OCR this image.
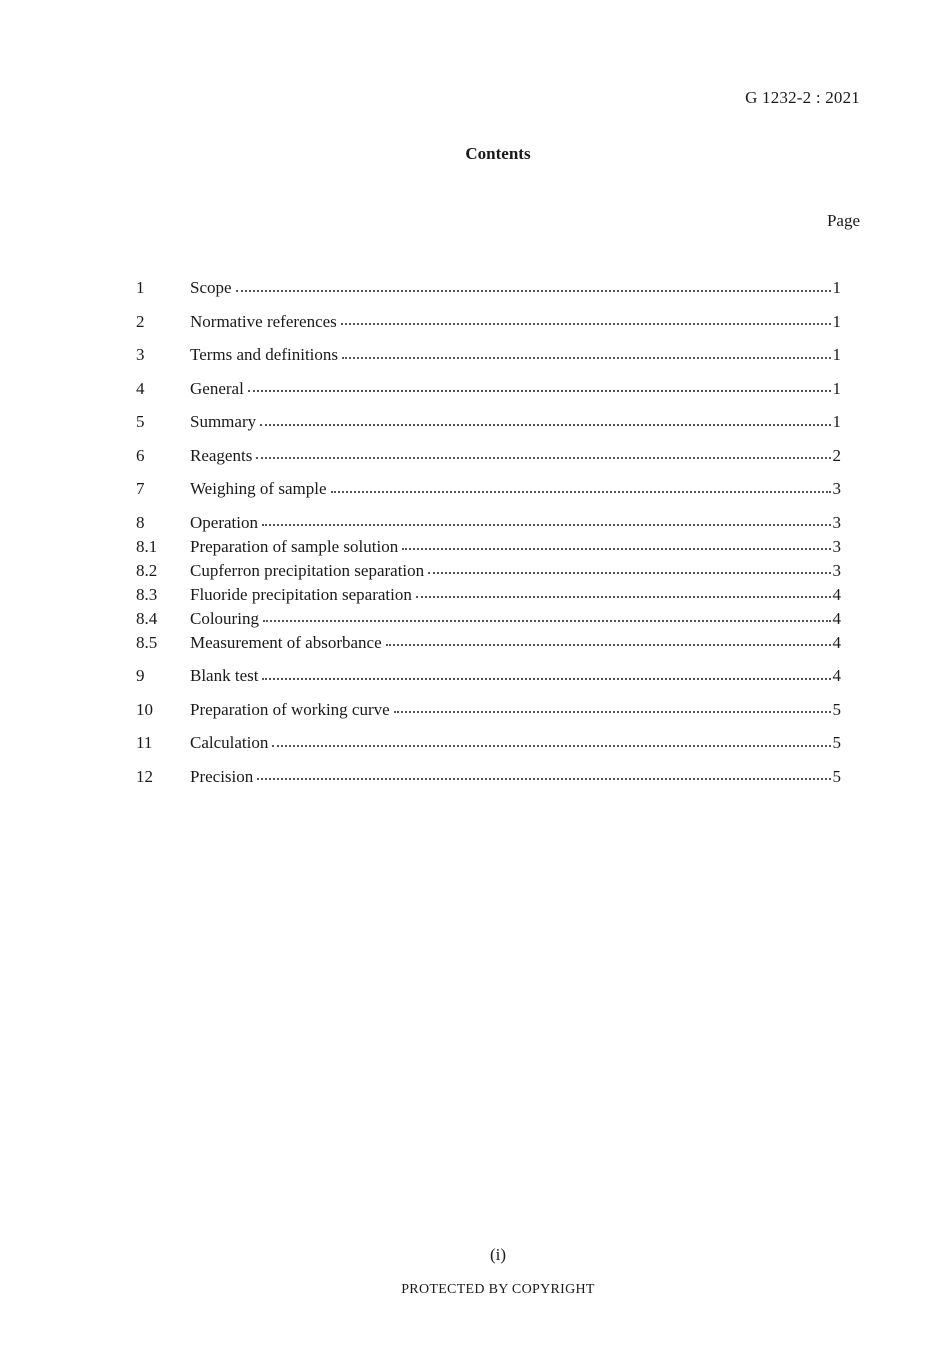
G 1232-2 : 2021
Contents
Page
1	Scope	1
2	Normative references	1
3	Terms and definitions	1
4	General	1
5	Summary	1
6	Reagents	2
7	Weighing of sample	3
8	Operation	3
8.1	Preparation of sample solution	3
8.2	Cupferron precipitation separation	3
8.3	Fluoride precipitation separation	4
8.4	Colouring	4
8.5	Measurement of absorbance	4
9	Blank test	4
10	Preparation of working curve	5
11	Calculation	5
12	Precision	5
(i)
PROTECTED BY COPYRIGHT
